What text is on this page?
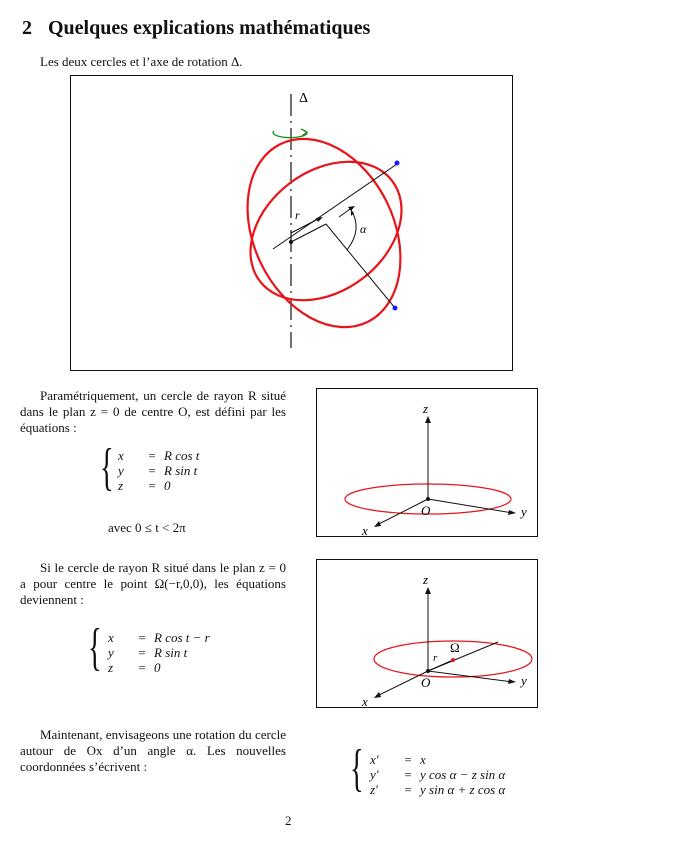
2 Quelques explications mathématiques
Les deux cercles et l’axe de rotation Δ.
Δ
r
α
Paramétriquement, un cercle de rayon R situé dans le plan z = 0 de centre O, est défini par les équations :
{ x = R cos t
y = R sin t
z = 0
avec 0 ≤ t < 2π
z
y
x
O
Si le cercle de rayon R situé dans le plan z = 0 a pour centre le point Ω(−r,0,0), les équations deviennent :
{ x = R cos t − r
y = R sin t
z = 0
z
y
x
O
Ω
r
Maintenant, envisageons une rotation du cercle autour de Ox d’un angle α. Les nouvelles coordonnées s’écrivent :	{ x′ = x
y′ = y cos α − z sin α
z′ = y sin α + z cos α
2
